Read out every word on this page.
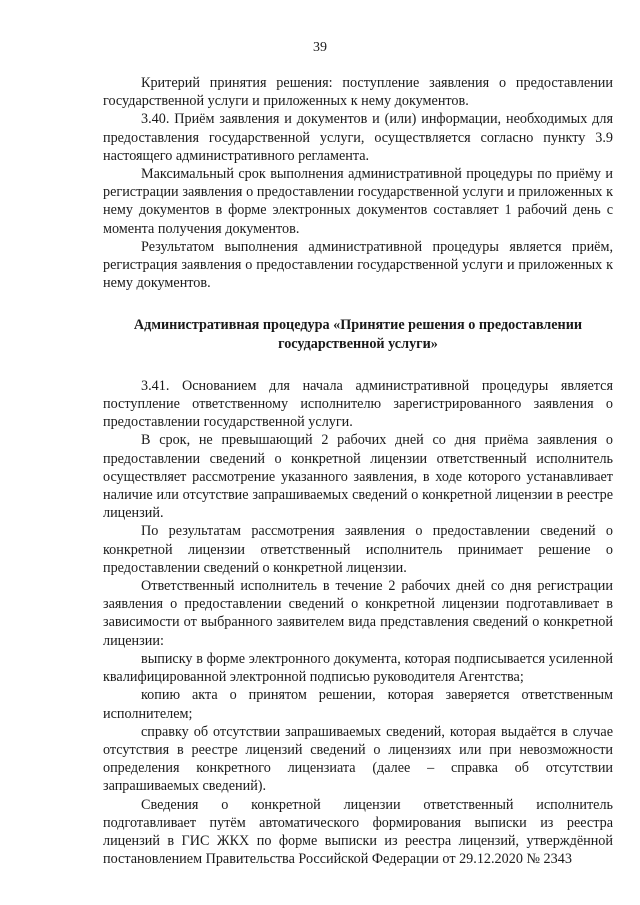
39

Критерий принятия решения: поступление заявления о предоставлении государственной услуги и приложенных к нему документов.

3.40. Приём заявления и документов и (или) информации, необходимых для предоставления государственной услуги, осуществляется согласно пункту 3.9 настоящего административного регламента.

Максимальный срок выполнения административной процедуры по приёму и регистрации заявления о предоставлении государственной услуги и приложенных к нему документов в форме электронных документов составляет 1 рабочий день с момента получения документов.

Результатом выполнения административной процедуры является приём, регистрация заявления о предоставлении государственной услуги и приложенных к нему документов.

Административная процедура «Принятие решения о предоставлении государственной услуги»

3.41. Основанием для начала административной процедуры является поступление ответственному исполнителю зарегистрированного заявления о предоставлении государственной услуги.

В срок, не превышающий 2 рабочих дней со дня приёма заявления о предоставлении сведений о конкретной лицензии ответственный исполнитель осуществляет рассмотрение указанного заявления, в ходе которого устанавливает наличие или отсутствие запрашиваемых сведений о конкретной лицензии в реестре лицензий.

По результатам рассмотрения заявления о предоставлении сведений о конкретной лицензии ответственный исполнитель принимает решение о предоставлении сведений о конкретной лицензии.

Ответственный исполнитель в течение 2 рабочих дней со дня регистрации заявления о предоставлении сведений о конкретной лицензии подготавливает в зависимости от выбранного заявителем вида представления сведений о конкретной лицензии:

выписку в форме электронного документа, которая подписывается усиленной квалифицированной электронной подписью руководителя Агентства;

копию акта о принятом решении, которая заверяется ответственным исполнителем;

справку об отсутствии запрашиваемых сведений, которая выдаётся в случае отсутствия в реестре лицензий сведений о лицензиях или при невозможности определения конкретного лицензиата (далее – справка об отсутствии запрашиваемых сведений).

Сведения о конкретной лицензии ответственный исполнитель подготавливает путём автоматического формирования выписки из реестра лицензий в ГИС ЖКХ по форме выписки из реестра лицензий, утверждённой постановлением Правительства Российской Федерации от 29.12.2020 № 2343
